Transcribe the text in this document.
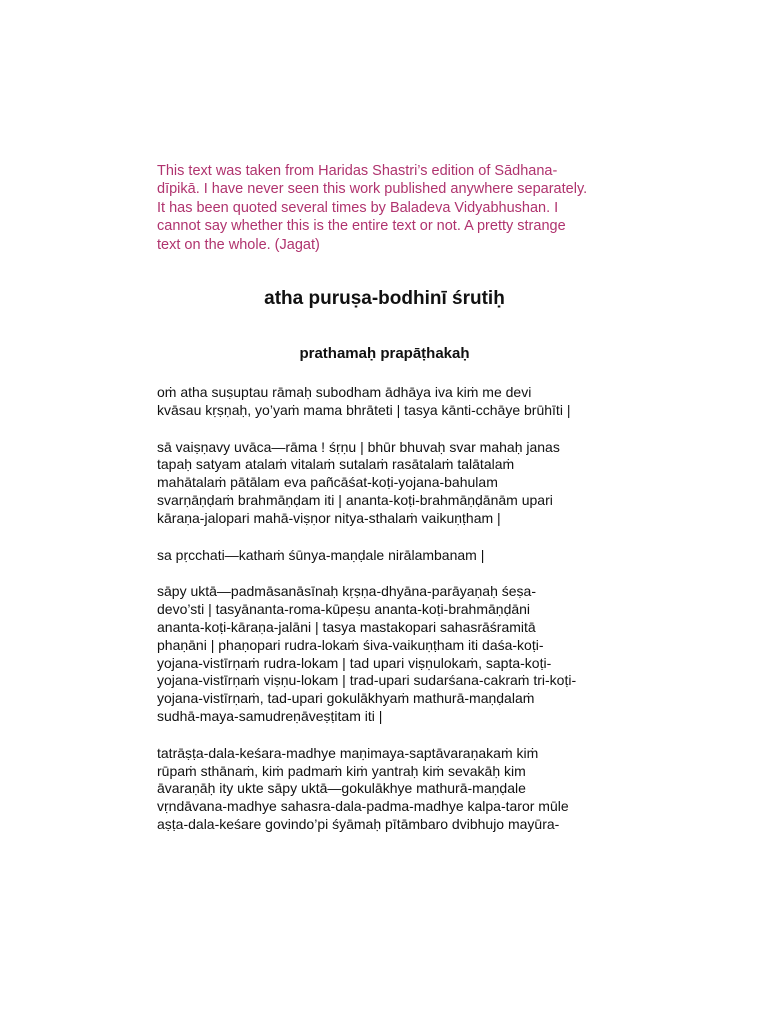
This text was taken from Haridas Shastri’s edition of Sādhana-
dīpikā. I have never seen this work published anywhere separately.
It has been quoted several times by Baladeva Vidyabhushan. I
cannot say whether this is the entire text or not. A pretty strange
text on the whole. (Jagat)
atha puruṣa-bodhinī śrutiḥ
prathamaḥ prapāṭhakaḥ
oṁ atha suṣuptau rāmaḥ subodham ādhāya iva kiṁ me devi
kvāsau kṛṣṇaḥ, yo’yaṁ mama bhrāteti | tasya kānti-cchāye brūhīti |
sā vaiṣṇavy uvāca—rāma ! śṛṇu | bhūr bhuvaḥ svar mahaḥ janas
tapaḥ satyam atalaṁ vitalaṁ sutalaṁ rasātalaṁ talātalaṁ
mahātalaṁ pātālam eva pañcāśat-koṭi-yojana-bahulam
svarṇāṇḍaṁ brahmāṇḍam iti | ananta-koṭi-brahmāṇḍānām upari
kāraṇa-jalopari mahā-viṣṇor nitya-sthalaṁ vaikuṇṭham |
sa pṛcchati—kathaṁ śūnya-maṇḍale nirālambanam |
sāpy uktā—padmāsanāsīnaḥ kṛṣṇa-dhyāna-parāyaṇaḥ śeṣa-
devo’sti | tasyānanta-roma-kūpeṣu ananta-koṭi-brahmāṇḍāni
ananta-koṭi-kāraṇa-jalāni | tasya mastakopari sahasrāśramitā
phaṇāni | phaṇopari rudra-lokaṁ śiva-vaikuṇṭham iti daśa-koṭi-
yojana-vistīrṇaṁ rudra-lokam | tad upari viṣṇulokaṁ, sapta-koṭi-
yojana-vistīrṇaṁ viṣṇu-lokam | trad-upari sudarśana-cakraṁ tri-koṭi-
yojana-vistīrṇaṁ, tad-upari gokulākhyaṁ mathurā-maṇḍalaṁ
sudhā-maya-samudreṇāveṣṭitam iti |
tatrāṣṭa-dala-keśara-madhye maṇimaya-saptāvaraṇakaṁ kiṁ
rūpaṁ sthānaṁ, kiṁ padmaṁ kiṁ yantraḥ kiṁ sevakāḥ kim
āvaraṇāḥ ity ukte sāpy uktā—gokulākhye mathurā-maṇḍale
vṛndāvana-madhye sahasra-dala-padma-madhye kalpa-taror mūle
aṣṭa-dala-keśare govindo’pi śyāmaḥ pītāmbaro dvibhujo mayūra-
